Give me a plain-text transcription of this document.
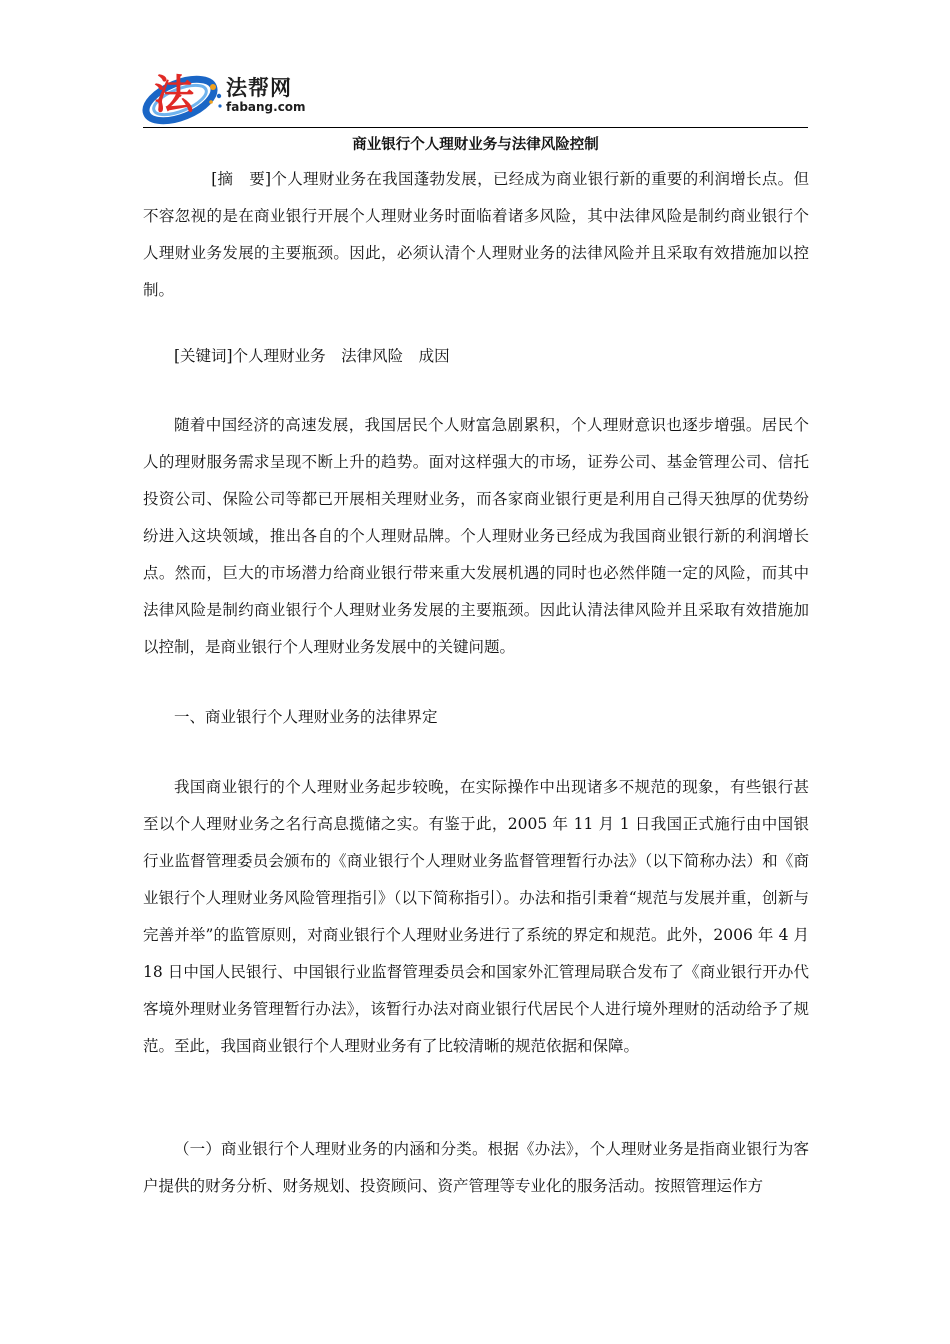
法 法帮网
fabang.com
商业银行个人理财业务与法律风险控制

[摘　要]个人理财业务在我国蓬勃发展，已经成为商业银行新的重要的利润增长点。但不容忽视的是在商业银行开展个人理财业务时面临着诸多风险，其中法律风险是制约商业银行个人理财业务发展的主要瓶颈。因此，必须认清个人理财业务的法律风险并且采取有效措施加以控制。

[关键词]个人理财业务　法律风险　成因

随着中国经济的高速发展，我国居民个人财富急剧累积，个人理财意识也逐步增强。居民个人的理财服务需求呈现不断上升的趋势。面对这样强大的市场，证券公司、基金管理公司、信托投资公司、保险公司等都已开展相关理财业务，而各家商业银行更是利用自己得天独厚的优势纷纷进入这块领域，推出各自的个人理财品牌。个人理财业务已经成为我国商业银行新的利润增长点。然而，巨大的市场潜力给商业银行带来重大发展机遇的同时也必然伴随一定的风险，而其中法律风险是制约商业银行个人理财业务发展的主要瓶颈。因此认清法律风险并且采取有效措施加以控制，是商业银行个人理财业务发展中的关键问题。

一、商业银行个人理财业务的法律界定

我国商业银行的个人理财业务起步较晚，在实际操作中出现诸多不规范的现象，有些银行甚至以个人理财业务之名行高息揽储之实。有鉴于此，2005 年 11 月 1 日我国正式施行由中国银行业监督管理委员会颁布的《商业银行个人理财业务监督管理暂行办法》（以下简称办法）和《商业银行个人理财业务风险管理指引》（以下简称指引）。办法和指引秉着“规范与发展并重，创新与完善并举”的监管原则，对商业银行个人理财业务进行了系统的界定和规范。此外，2006 年 4 月 18 日中国人民银行、中国银行业监督管理委员会和国家外汇管理局联合发布了《商业银行开办代客境外理财业务管理暂行办法》，该暂行办法对商业银行代居民个人进行境外理财的活动给予了规范。至此，我国商业银行个人理财业务有了比较清晰的规范依据和保障。

（一）商业银行个人理财业务的内涵和分类。根据《办法》，个人理财业务是指商业银行为客户提供的财务分析、财务规划、投资顾问、资产管理等专业化的服务活动。按照管理运作方
